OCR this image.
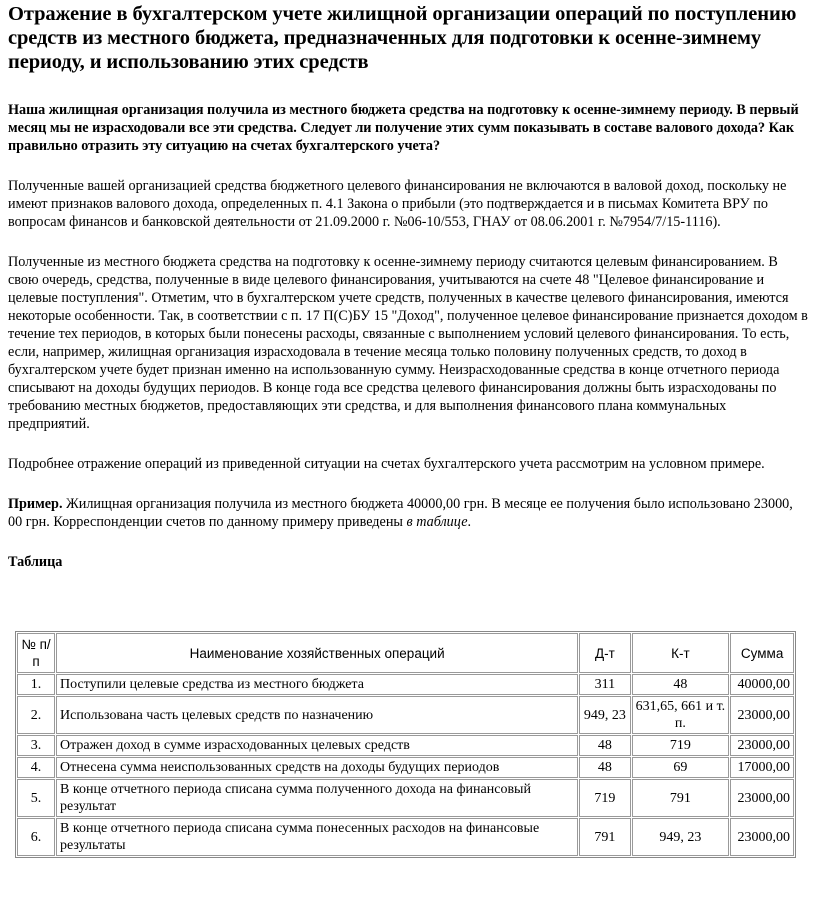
Отражение в бухгалтерском учете жилищной организации операций по поступлению средств из местного бюджета, предназначенных для подготовки к осенне-зимнему периоду, и использованию этих средств
Наша жилищная организация получила из местного бюджета средства на подготовку к осенне-зимнему периоду. В первый месяц мы не израсходовали все эти средства. Следует ли получение этих сумм показывать в составе валового дохода? Как правильно отразить эту ситуацию на счетах бухгалтерского учета?

Полученные вашей организацией средства бюджетного целевого финансирования не включаются в валовой доход, поскольку не имеют признаков валового дохода, определенных п. 4.1 Закона о прибыли (это подтверждается и в письмах Комитета ВРУ по вопросам финансов и банковской деятельности от 21.09.2000 г. №06-10/553, ГНАУ от 08.06.2001 г. №7954/7/15-1116).

Полученные из местного бюджета средства на подготовку к осенне-зимнему периоду считаются целевым финансированием. В свою очередь, средства, полученные в виде целевого финансирования, учитываются на счете 48 "Целевое финансирование и целевые поступления". Отметим, что в бухгалтерском учете средств, полученных в качестве целевого финансирования, имеются некоторые особенности. Так, в соответствии с п. 17 П(С)БУ 15 "Доход", полученное целевое финансирование признается доходом в течение тех периодов, в которых были понесены расходы, связанные с выполнением условий целевого финансирования. То есть, если, например, жилищная организация израсходовала в течение месяца только половину полученных средств, то доход в бухгалтерском учете будет признан именно на использованную сумму. Неизрасходованные средства в конце отчетного периода списывают на доходы будущих периодов. В конце года все средства целевого финансирования должны быть израсходованы по требованию местных бюджетов, предоставляющих эти средства, и для выполнения финансового плана коммунальных предприятий.

Подробнее отражение операций из приведенной ситуации на счетах бухгалтерского учета рассмотрим на условном примере.

Пример. Жилищная организация получила из местного бюджета 40000,00 грн. В месяце ее получения было использовано 23000, 00 грн. Корреспонденции счетов по данному примеру приведены в таблице.

Таблица
№ п/п	Наименование хозяйственных операций	Д-т	К-т	Сумма
1.	Поступили целевые средства из местного бюджета	311	48	40000,00
2.	Использована часть целевых средств по назначению	949, 23	631,65, 661 и т. п.	23000,00
3.	Отражен доход в сумме израсходованных целевых средств	48	719	23000,00
4.	Отнесена сумма неиспользованных средств на доходы будущих периодов	48	69	17000,00
5.	В конце отчетного периода списана сумма полученного дохода на финансовый результат	719	791	23000,00
6.	В конце отчетного периода списана сумма понесенных расходов на финансовые результаты	791	949, 23	23000,00
